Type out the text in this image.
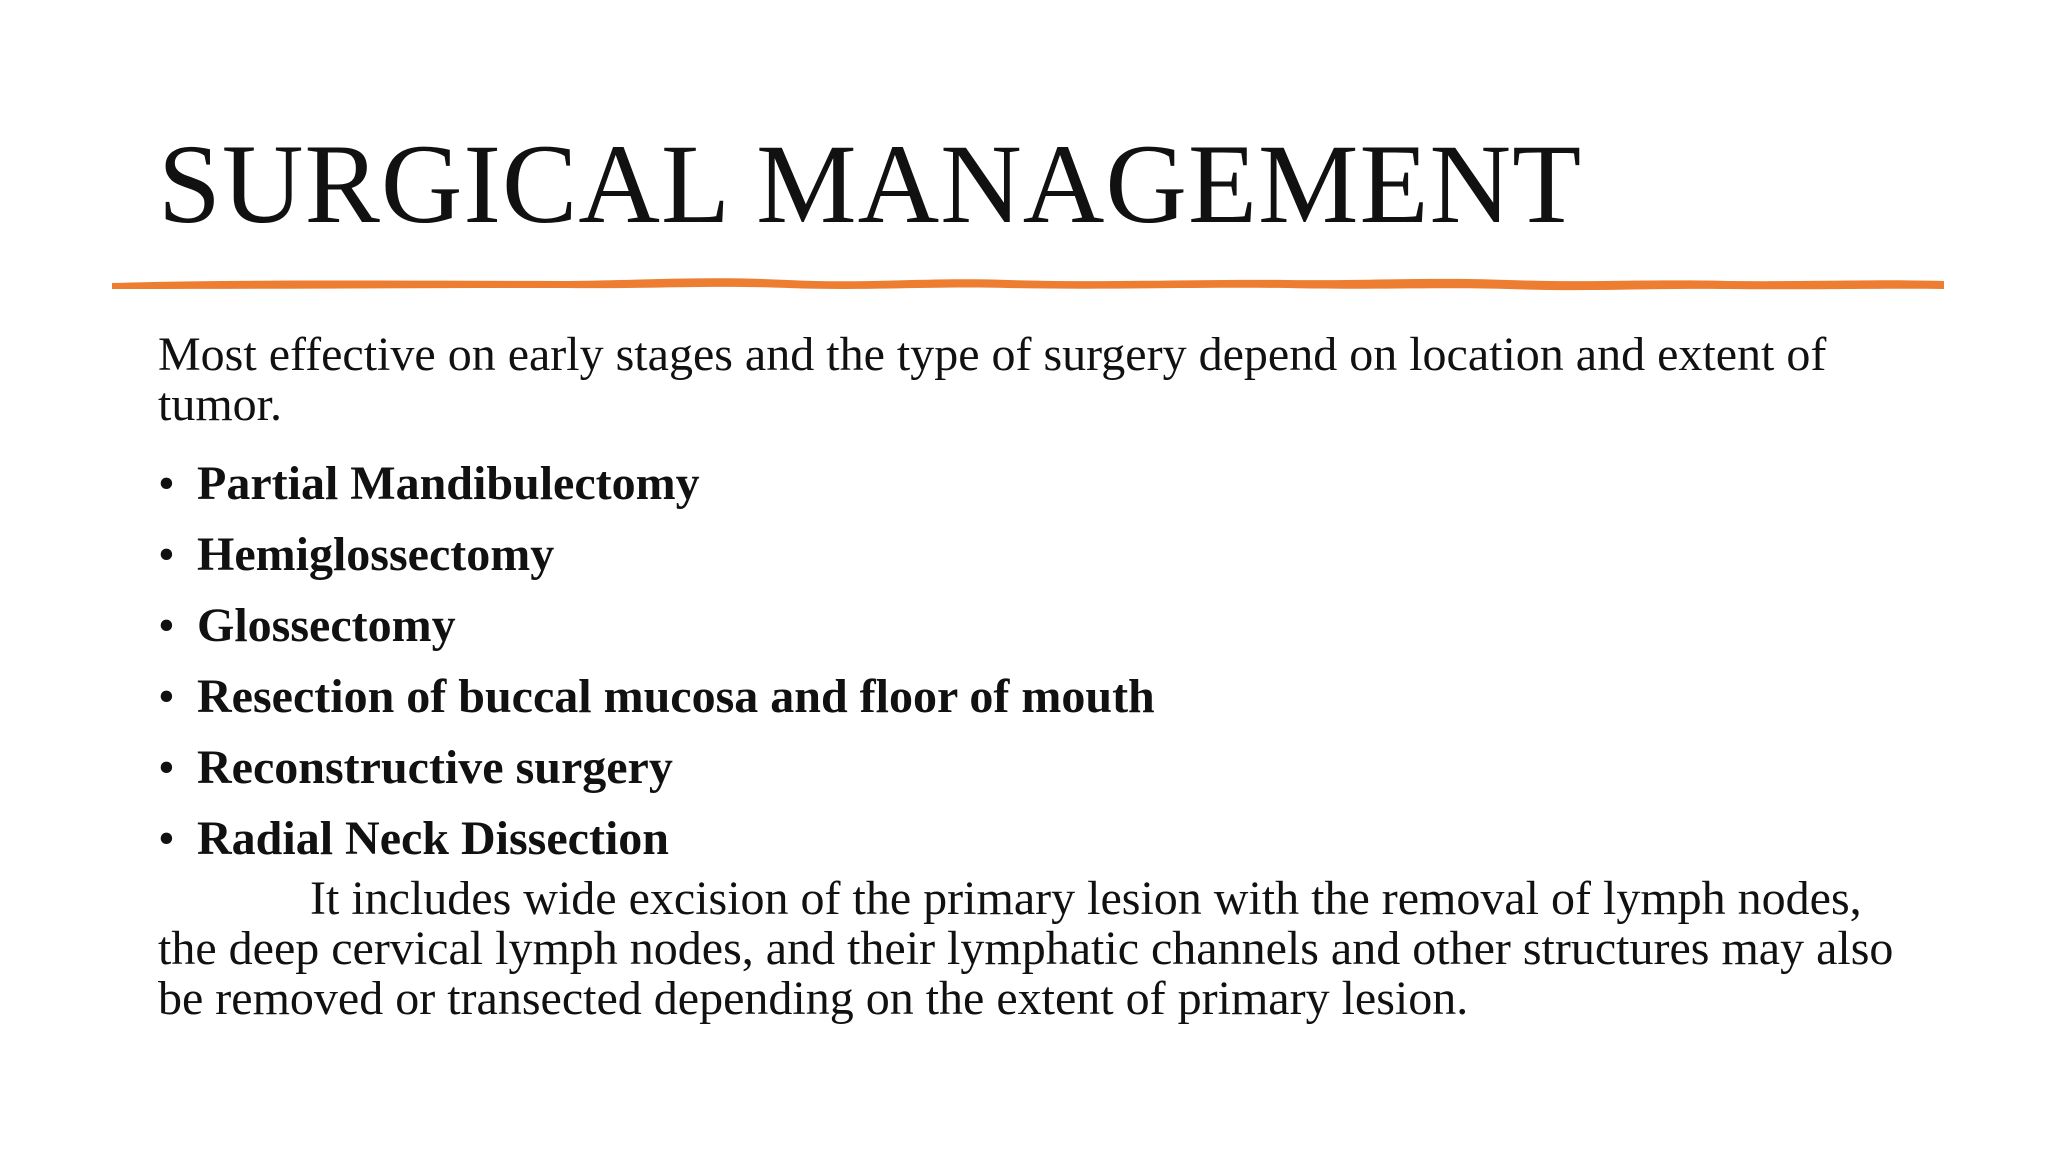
SURGICAL MANAGEMENT

Most effective on early stages and the type of surgery depend on location and extent of tumor.

• Partial Mandibulectomy
• Hemiglossectomy
• Glossectomy
• Resection of buccal mucosa and floor of mouth
• Reconstructive surgery
• Radial Neck Dissection

It includes wide excision of the primary lesion with the removal of lymph nodes, the deep cervical lymph nodes, and their lymphatic channels and other structures may also be removed or transected depending on the extent of primary lesion.
